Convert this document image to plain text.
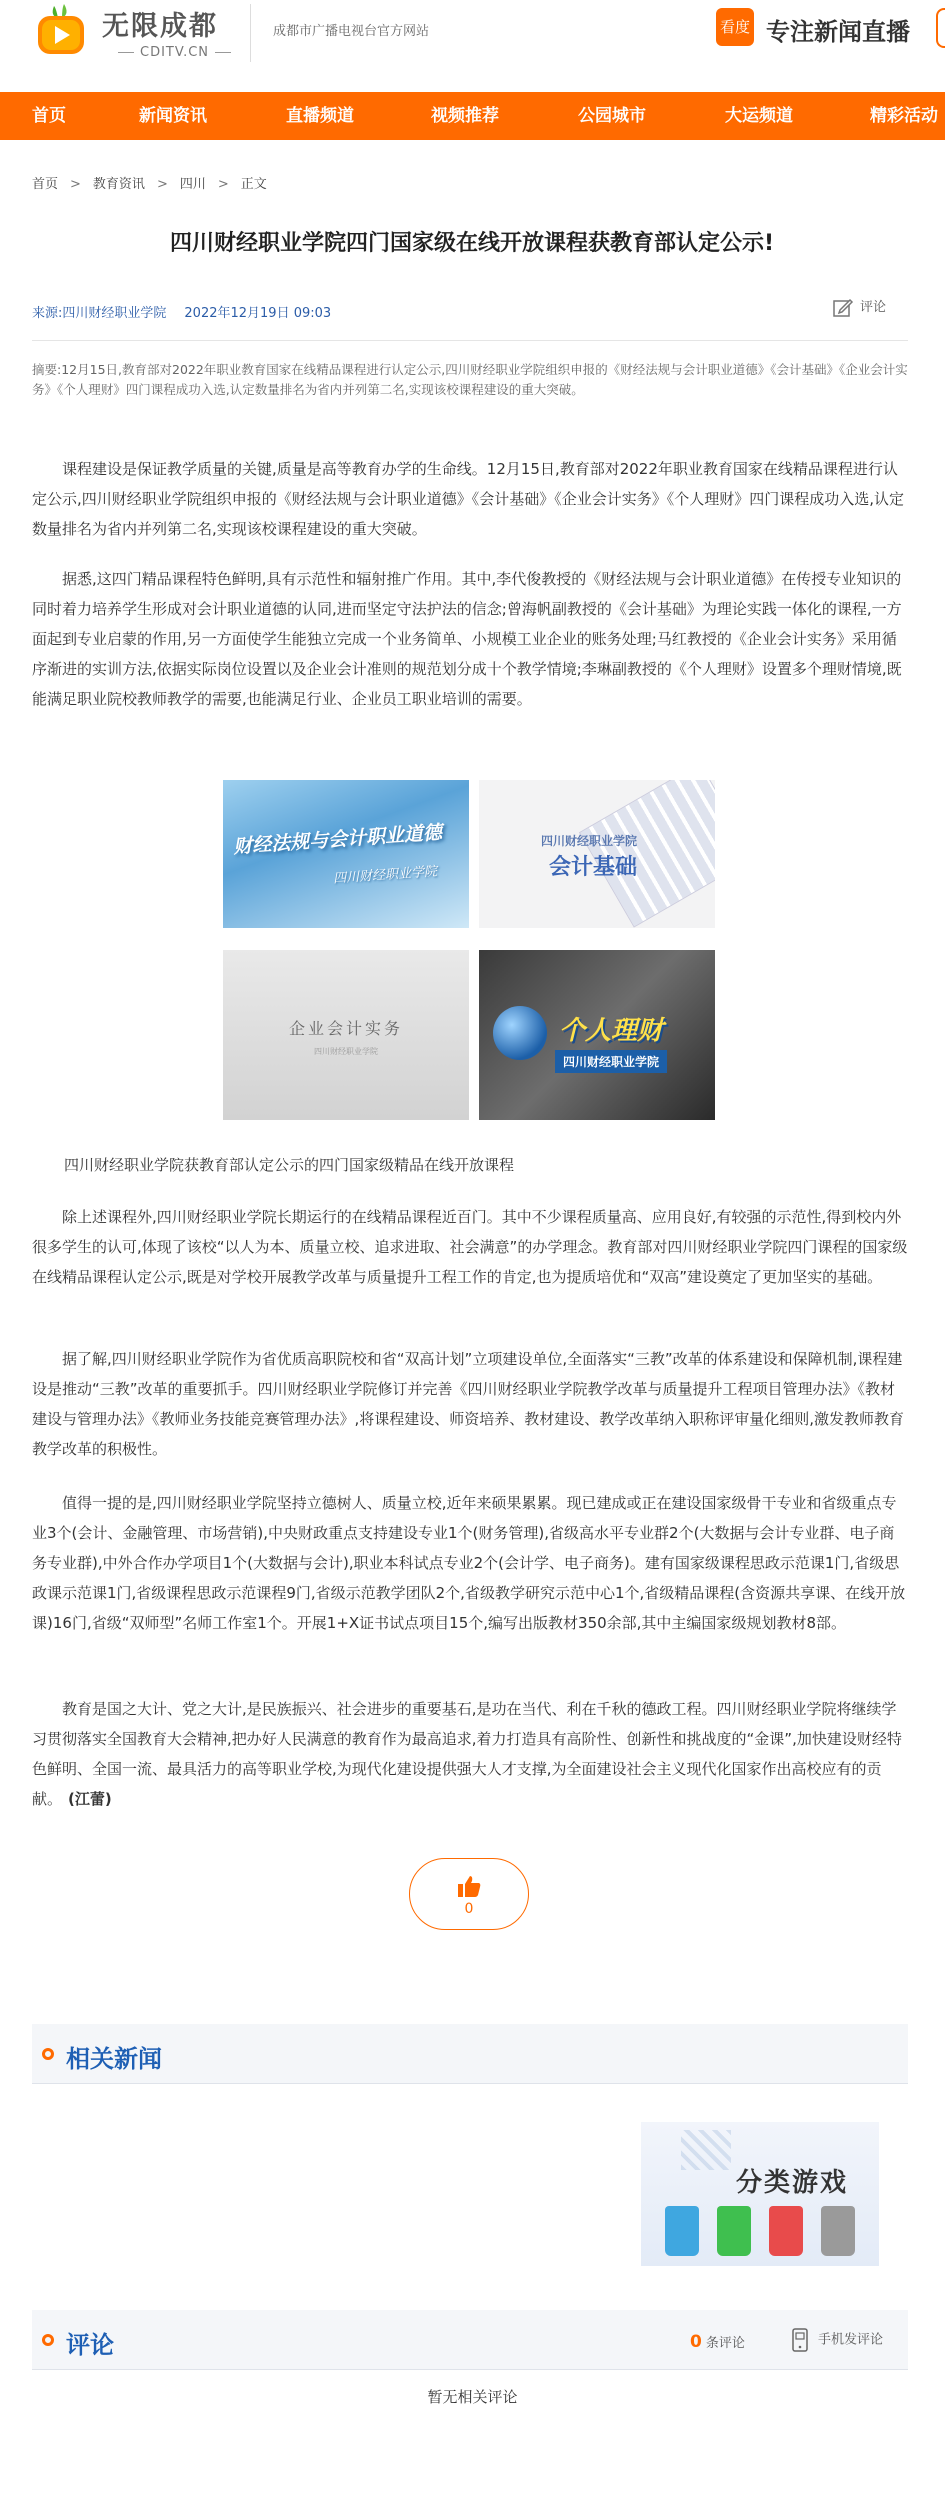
无限成都
CDITV.CN
成都市广播电视台官方网站	看度 专注新闻直播
首页	新闻资讯	直播频道	视频推荐	公园城市	大运频道	精彩活动
首页 > 教育资讯 > 四川 > 正文
四川财经职业学院四门国家级在线开放课程获教育部认定公示!
来源:四川财经职业学院 2022年12月19日 09:03	评论
摘要:12月15日,教育部对2022年职业教育国家在线精品课程进行认定公示,四川财经职业学院组织申报的《财经法规与会计职业道德》《会计基础》《企业会计实务》《个人理财》四门课程成功入选,认定数量排名为省内并列第二名,实现该校课程建设的重大突破。

课程建设是保证教学质量的关键,质量是高等教育办学的生命线。12月15日,教育部对2022年职业教育国家在线精品课程进行认定公示,四川财经职业学院组织申报的《财经法规与会计职业道德》《会计基础》《企业会计实务》《个人理财》四门课程成功入选,认定数量排名为省内并列第二名,实现该校课程建设的重大突破。

据悉,这四门精品课程特色鲜明,具有示范性和辐射推广作用。其中,李代俊教授的《财经法规与会计职业道德》在传授专业知识的同时着力培养学生形成对会计职业道德的认同,进而坚定守法护法的信念;曾海帆副教授的《会计基础》为理论实践一体化的课程,一方面起到专业启蒙的作用,另一方面使学生能独立完成一个业务简单、小规模工业企业的账务处理;马红教授的《企业会计实务》采用循序渐进的实训方法,依据实际岗位设置以及企业会计准则的规范划分成十个教学情境;李琳副教授的《个人理财》设置多个理财情境,既能满足职业院校教师教学的需要,也能满足行业、企业员工职业培训的需要。

财经法规与会计职业道德
四川财经职业学院
四川财经职业学院
会计基础
企业会计实务
四川财经职业学院
个人理财
四川财经职业学院
四川财经职业学院获教育部认定公示的四门国家级精品在线开放课程

除上述课程外,四川财经职业学院长期运行的在线精品课程近百门。其中不少课程质量高、应用良好,有较强的示范性,得到校内外很多学生的认可,体现了该校“以人为本、质量立校、追求进取、社会满意”的办学理念。教育部对四川财经职业学院四门课程的国家级在线精品课程认定公示,既是对学校开展教学改革与质量提升工程工作的肯定,也为提质培优和“双高”建设奠定了更加坚实的基础。

据了解,四川财经职业学院作为省优质高职院校和省“双高计划”立项建设单位,全面落实“三教”改革的体系建设和保障机制,课程建设是推动“三教”改革的重要抓手。四川财经职业学院修订并完善《四川财经职业学院教学改革与质量提升工程项目管理办法》《教材建设与管理办法》《教师业务技能竞赛管理办法》,将课程建设、师资培养、教材建设、教学改革纳入职称评审量化细则,激发教师教育教学改革的积极性。

值得一提的是,四川财经职业学院坚持立德树人、质量立校,近年来硕果累累。现已建成或正在建设国家级骨干专业和省级重点专业3个(会计、金融管理、市场营销),中央财政重点支持建设专业1个(财务管理),省级高水平专业群2个(大数据与会计专业群、电子商务专业群),中外合作办学项目1个(大数据与会计),职业本科试点专业2个(会计学、电子商务)。建有国家级课程思政示范课1门,省级思政课示范课1门,省级课程思政示范课程9门,省级示范教学团队2个,省级教学研究示范中心1个,省级精品课程(含资源共享课、在线开放课)16门,省级“双师型”名师工作室1个。开展1+X证书试点项目15个,编写出版教材350余部,其中主编国家级规划教材8部。

教育是国之大计、党之大计,是民族振兴、社会进步的重要基石,是功在当代、利在千秋的德政工程。四川财经职业学院将继续学习贯彻落实全国教育大会精神,把办好人民满意的教育作为最高追求,着力打造具有高阶性、创新性和挑战度的“金课”,加快建设财经特色鲜明、全国一流、最具活力的高等职业学校,为现代化建设提供强大人才支撑,为全面建设社会主义现代化国家作出高校应有的贡献。 (江蕾)

0
相关新闻
分类游戏
评论	0 条评论	手机发评论
暂无相关评论
